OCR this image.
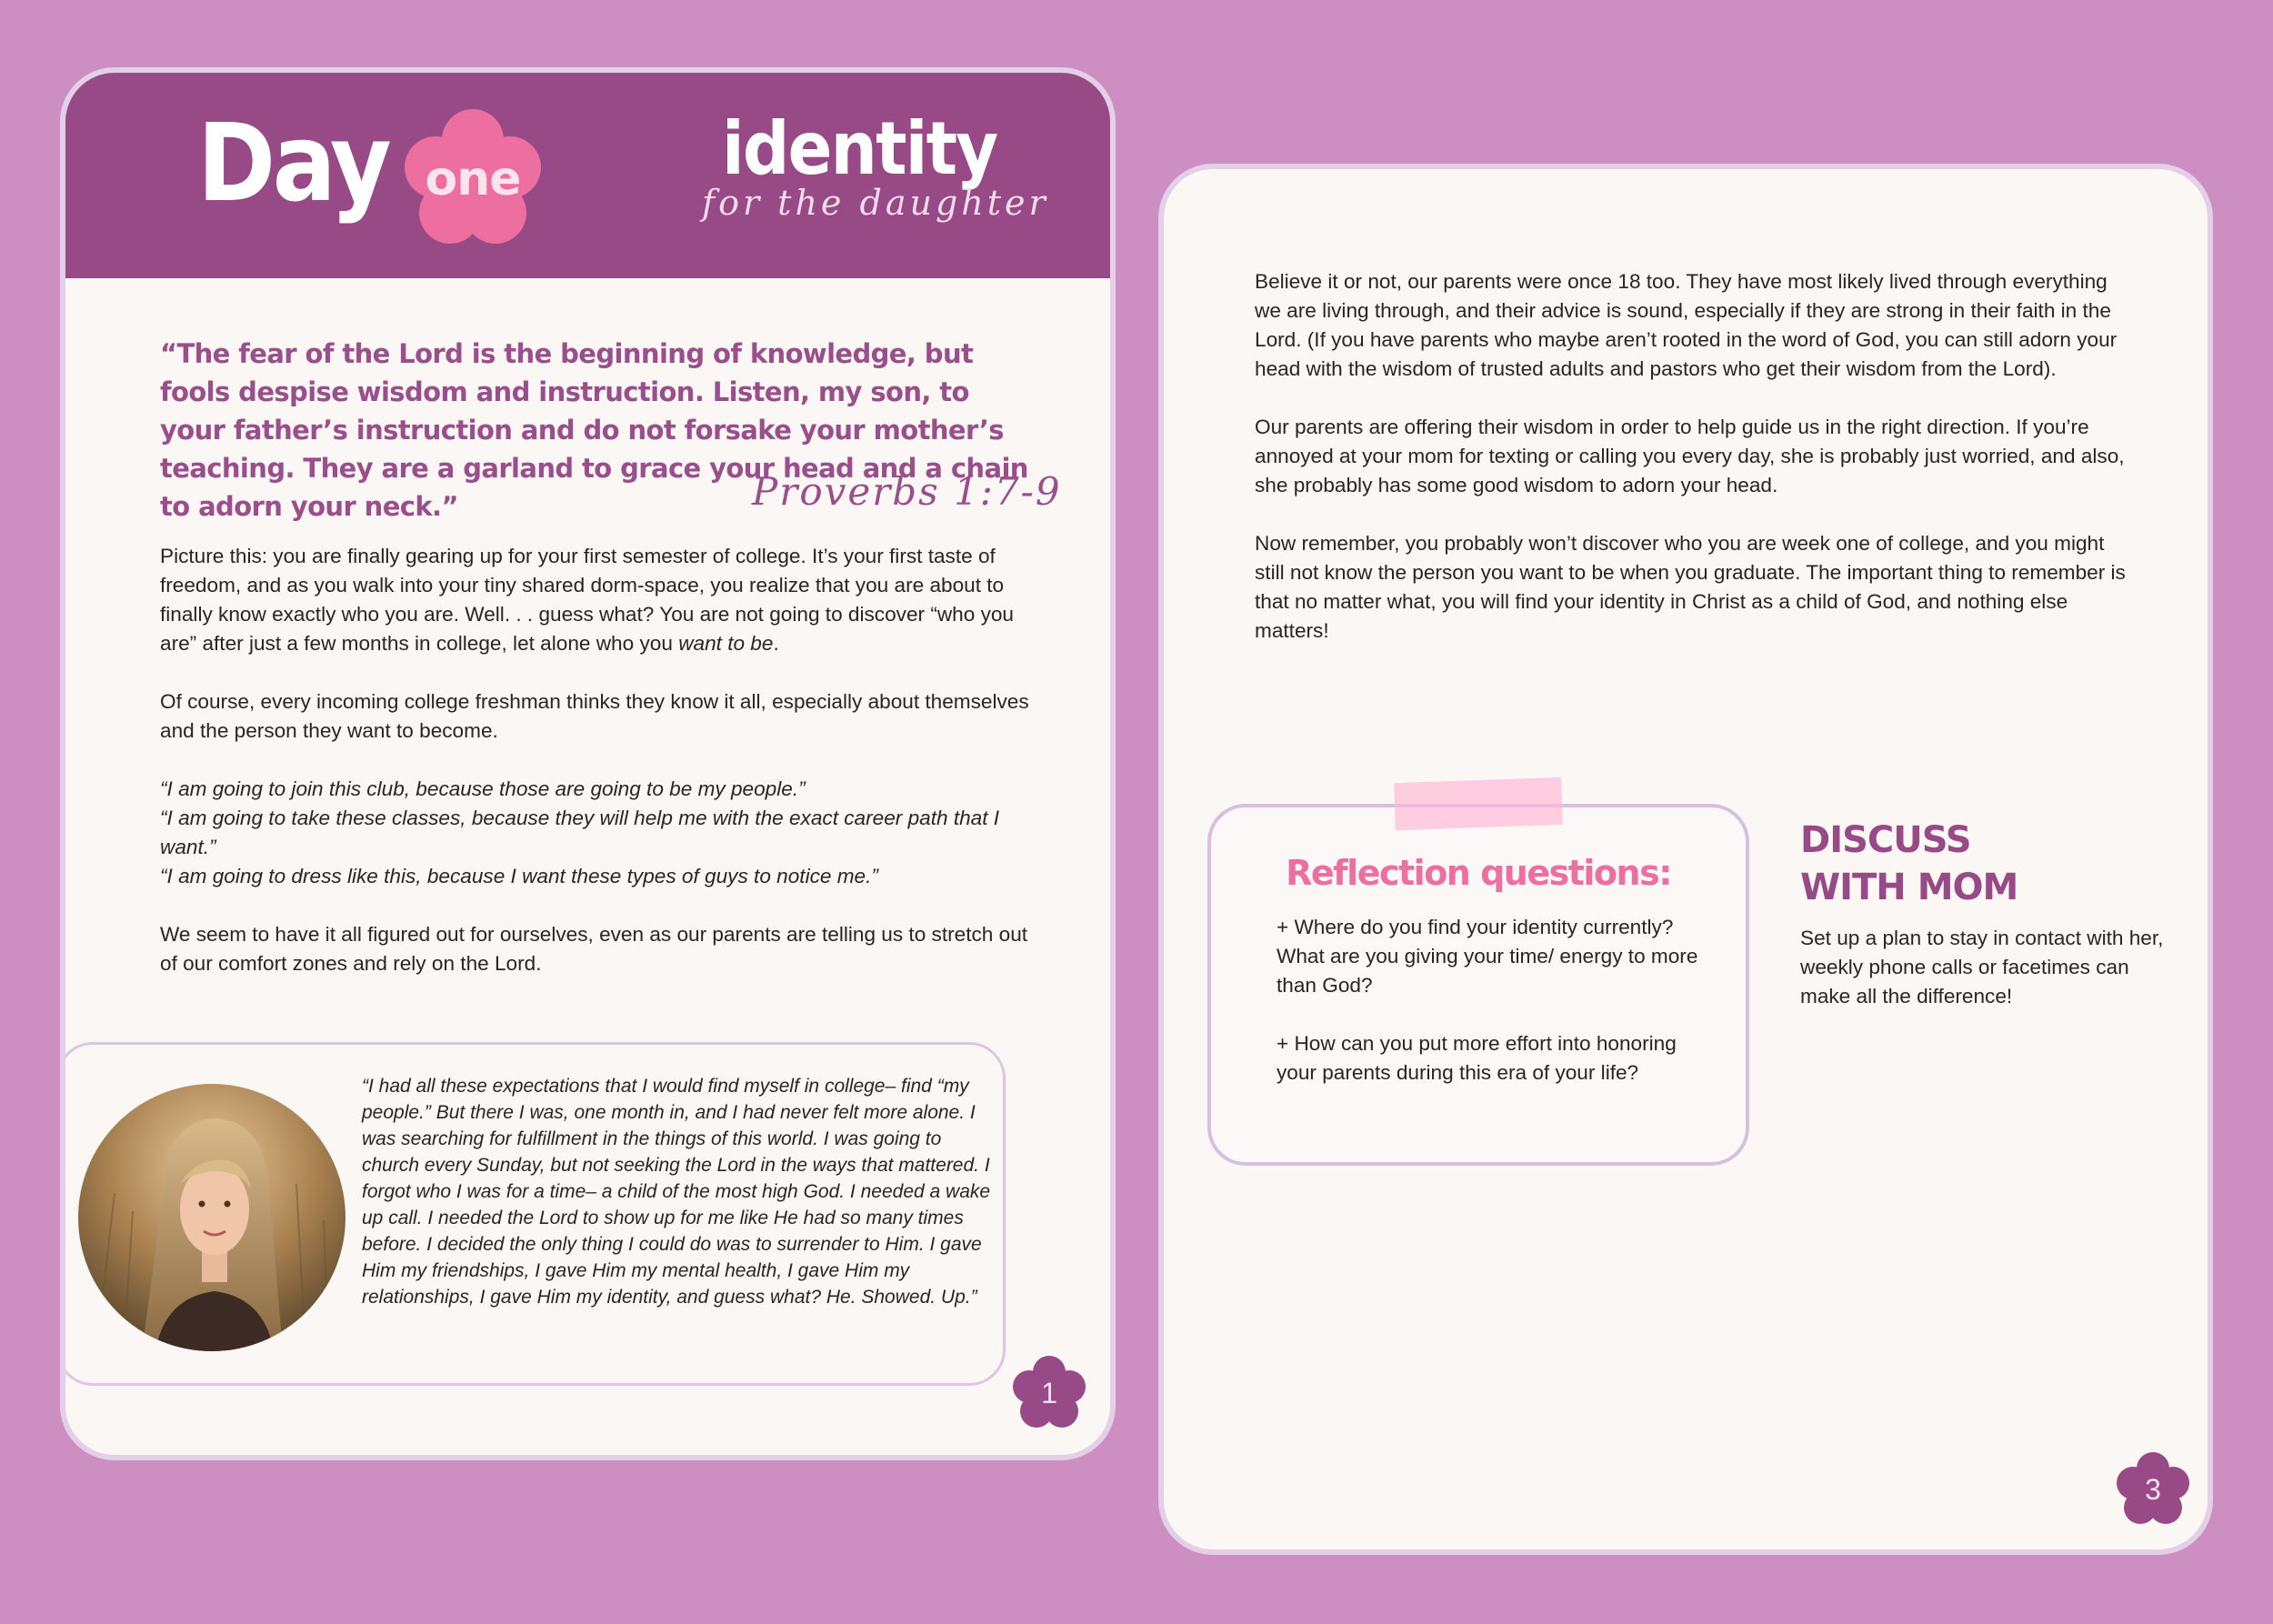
Day one	identity
for the daughter
“The fear of the Lord is the beginning of knowledge, but fools despise wisdom and instruction. Listen, my son, to your father’s instruction and do not forsake your mother’s teaching. They are a garland to grace your head and a chain to adorn your neck.”	Proverbs 1:7-9

Picture this: you are finally gearing up for your first semester of college. It’s your first taste of freedom, and as you walk into your tiny shared dorm-space, you realize that you are about to finally know exactly who you are. Well. . . guess what? You are not going to discover “who you are” after just a few months in college, let alone who you want to be.

Of course, every incoming college freshman thinks they know it all, especially about themselves and the person they want to become.

“I am going to join this club, because those are going to be my people.”
“I am going to take these classes, because they will help me with the exact career path that I want.”
“I am going to dress like this, because I want these types of guys to notice me.”

We seem to have it all figured out for ourselves, even as our parents are telling us to stretch out of our comfort zones and rely on the Lord.

“I had all these expectations that I would find myself in college– find “my people.” But there I was, one month in, and I had never felt more alone. I was searching for fulfillment in the things of this world. I was going to church every Sunday, but not seeking the Lord in the ways that mattered. I forgot who I was for a time– a child of the most high God. I needed a wake up call. I needed the Lord to show up for me like He had so many times before. I decided the only thing I could do was to surrender to Him. I gave Him my friendships, I gave Him my mental health, I gave Him my relationships, I gave Him my identity, and guess what? He. Showed. Up.”
1

Believe it or not, our parents were once 18 too. They have most likely lived through everything we are living through, and their advice is sound, especially if they are strong in their faith in the Lord. (If you have parents who maybe aren’t rooted in the word of God, you can still adorn your head with the wisdom of trusted adults and pastors who get their wisdom from the Lord).

Our parents are offering their wisdom in order to help guide us in the right direction. If you’re annoyed at your mom for texting or calling you every day, she is probably just worried, and also, she probably has some good wisdom to adorn your head.

Now remember, you probably won’t discover who you are week one of college, and you might still not know the person you want to be when you graduate. The important thing to remember is that no matter what, you will find your identity in Christ as a child of God, and nothing else matters!

Reflection questions:

+ Where do you find your identity currently? What are you giving your time/ energy to more than God?

+ How can you put more effort into honoring your parents during this era of your life?

DISCUSS
WITH MOM
Set up a plan to stay in contact with her, weekly phone calls or facetimes can make all the difference!
3
